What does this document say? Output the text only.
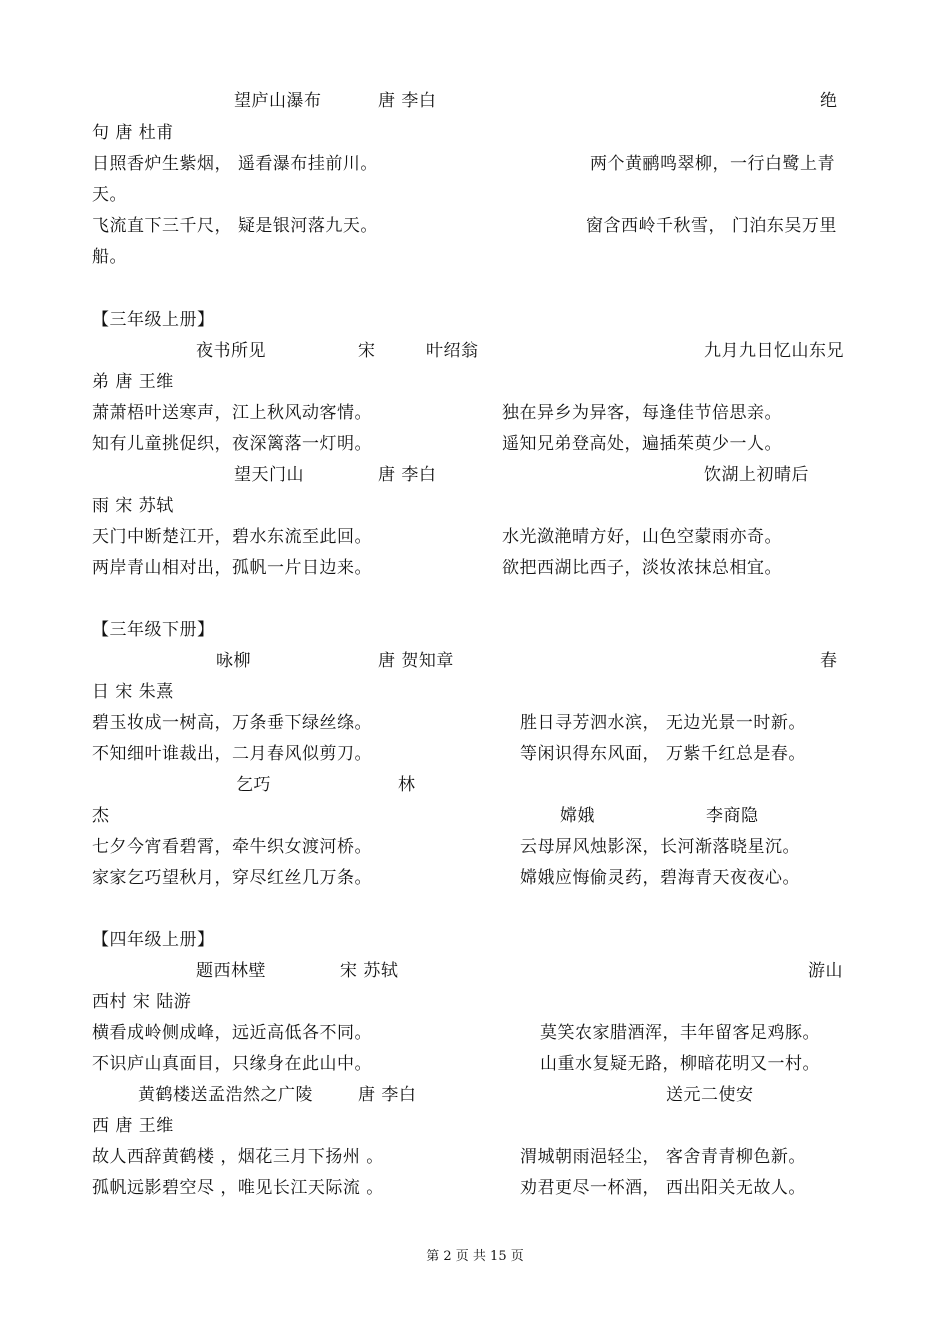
望庐山瀑布	唐 李白	绝

句 唐 杜甫

日照香炉生紫烟， 遥看瀑布挂前川。	两个黄鹂鸣翠柳，一行白鹭上青

天。

飞流直下三千尺， 疑是银河落九天。	窗含西岭千秋雪， 门泊东吴万里

船。

【三年级上册】

夜书所见	宋	叶绍翁	九月九日忆山东兄

弟 唐 王维

萧萧梧叶送寒声，江上秋风动客情。	独在异乡为异客，每逢佳节倍思亲。

知有儿童挑促织，夜深篱落一灯明。	遥知兄弟登高处，遍插茱萸少一人。

望天门山	唐 李白	饮湖上初晴后

雨 宋 苏轼

天门中断楚江开，碧水东流至此回。	水光潋滟晴方好，山色空蒙雨亦奇。

两岸青山相对出，孤帆一片日边来。	欲把西湖比西子，淡妆浓抹总相宜。

【三年级下册】

咏柳	唐 贺知章	春

日 宋 朱熹

碧玉妆成一树高，万条垂下绿丝绦。	胜日寻芳泗水滨， 无边光景一时新。

不知细叶谁裁出，二月春风似剪刀。	等闲识得东风面， 万紫千红总是春。

乞巧	林

杰	嫦娥	李商隐

七夕今宵看碧霄，牵牛织女渡河桥。	云母屏风烛影深，长河渐落晓星沉。

家家乞巧望秋月，穿尽红丝几万条。	嫦娥应悔偷灵药，碧海青天夜夜心。

【四年级上册】

题西林壁	宋 苏轼	游山

西村 宋 陆游

横看成岭侧成峰，远近高低各不同。	莫笑农家腊酒浑，丰年留客足鸡豚。

不识庐山真面目，只缘身在此山中。	山重水复疑无路，柳暗花明又一村。

黄鹤楼送孟浩然之广陵	唐 李白	送元二使安

西 唐 王维

故人西辞黄鹤楼 ，烟花三月下扬州 。	渭城朝雨浥轻尘， 客舍青青柳色新。

孤帆远影碧空尽 ，唯见长江天际流 。	劝君更尽一杯酒， 西出阳关无故人。

第 2 页 共 15 页
